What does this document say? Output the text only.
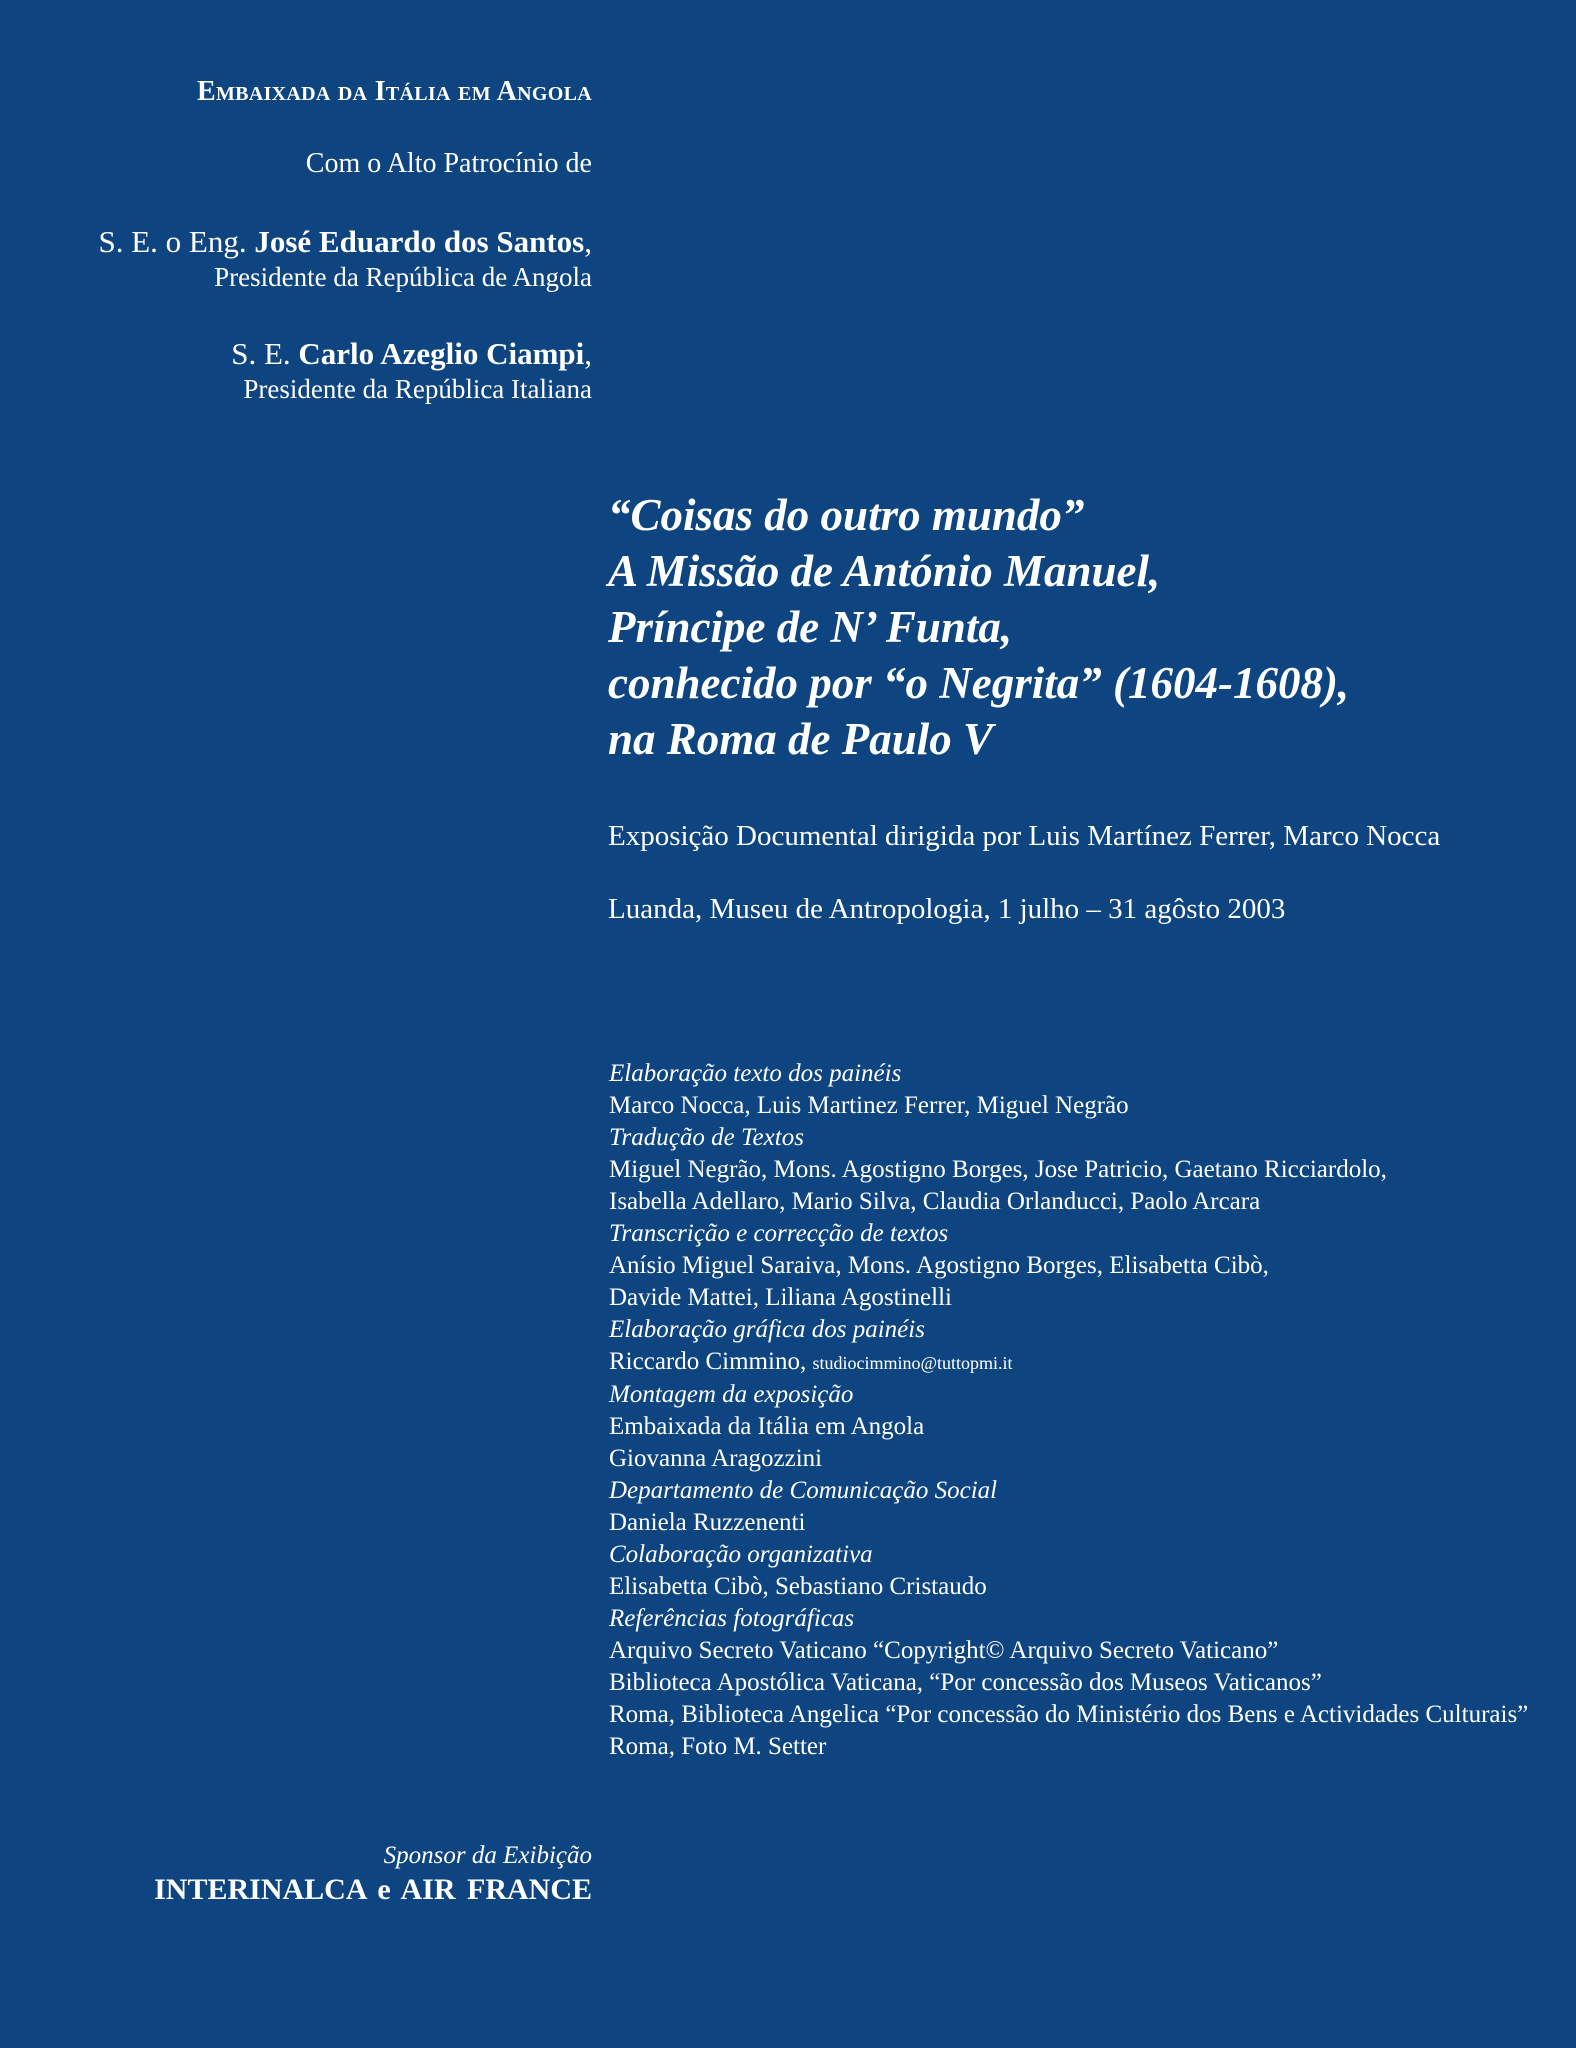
Embaixada da Itália em Angola
Com o Alto Patrocínio de
S. E. o Eng. José Eduardo dos Santos,
Presidente da República de Angola
S. E. Carlo Azeglio Ciampi,
Presidente da República Italiana
“Coisas do outro mundo”
A Missão de António Manuel,
Príncipe de N’ Funta,
conhecido por “o Negrita” (1604-1608),
na Roma de Paulo V
Exposição Documental dirigida por Luis Martínez Ferrer, Marco Nocca
Luanda, Museu de Antropologia, 1 julho – 31 agôsto 2003
Elaboração texto dos painéis
Marco Nocca, Luis Martinez Ferrer, Miguel Negrão
Tradução de Textos
Miguel Negrão, Mons. Agostigno Borges, Jose Patricio, Gaetano Ricciardolo,
Isabella Adellaro, Mario Silva, Claudia Orlanducci, Paolo Arcara
Transcrição e correcção de textos
Anísio Miguel Saraiva, Mons. Agostigno Borges, Elisabetta Cibò,
Davide Mattei, Liliana Agostinelli
Elaboração gráfica dos painéis
Riccardo Cimmino, studiocimmino@tuttopmi.it
Montagem da exposição
Embaixada da Itália em Angola
Giovanna Aragozzini
Departamento de Comunicação Social
Daniela Ruzzenenti
Colaboração organizativa
Elisabetta Cibò, Sebastiano Cristaudo
Referências fotográficas
Arquivo Secreto Vaticano “Copyright© Arquivo Secreto Vaticano”
Biblioteca Apostólica Vaticana, “Por concessão dos Museos Vaticanos”
Roma, Biblioteca Angelica “Por concessão do Ministério dos Bens e Actividades Culturais”
Roma, Foto M. Setter
Sponsor da Exibição
INTERINALCA e AIR FRANCE
